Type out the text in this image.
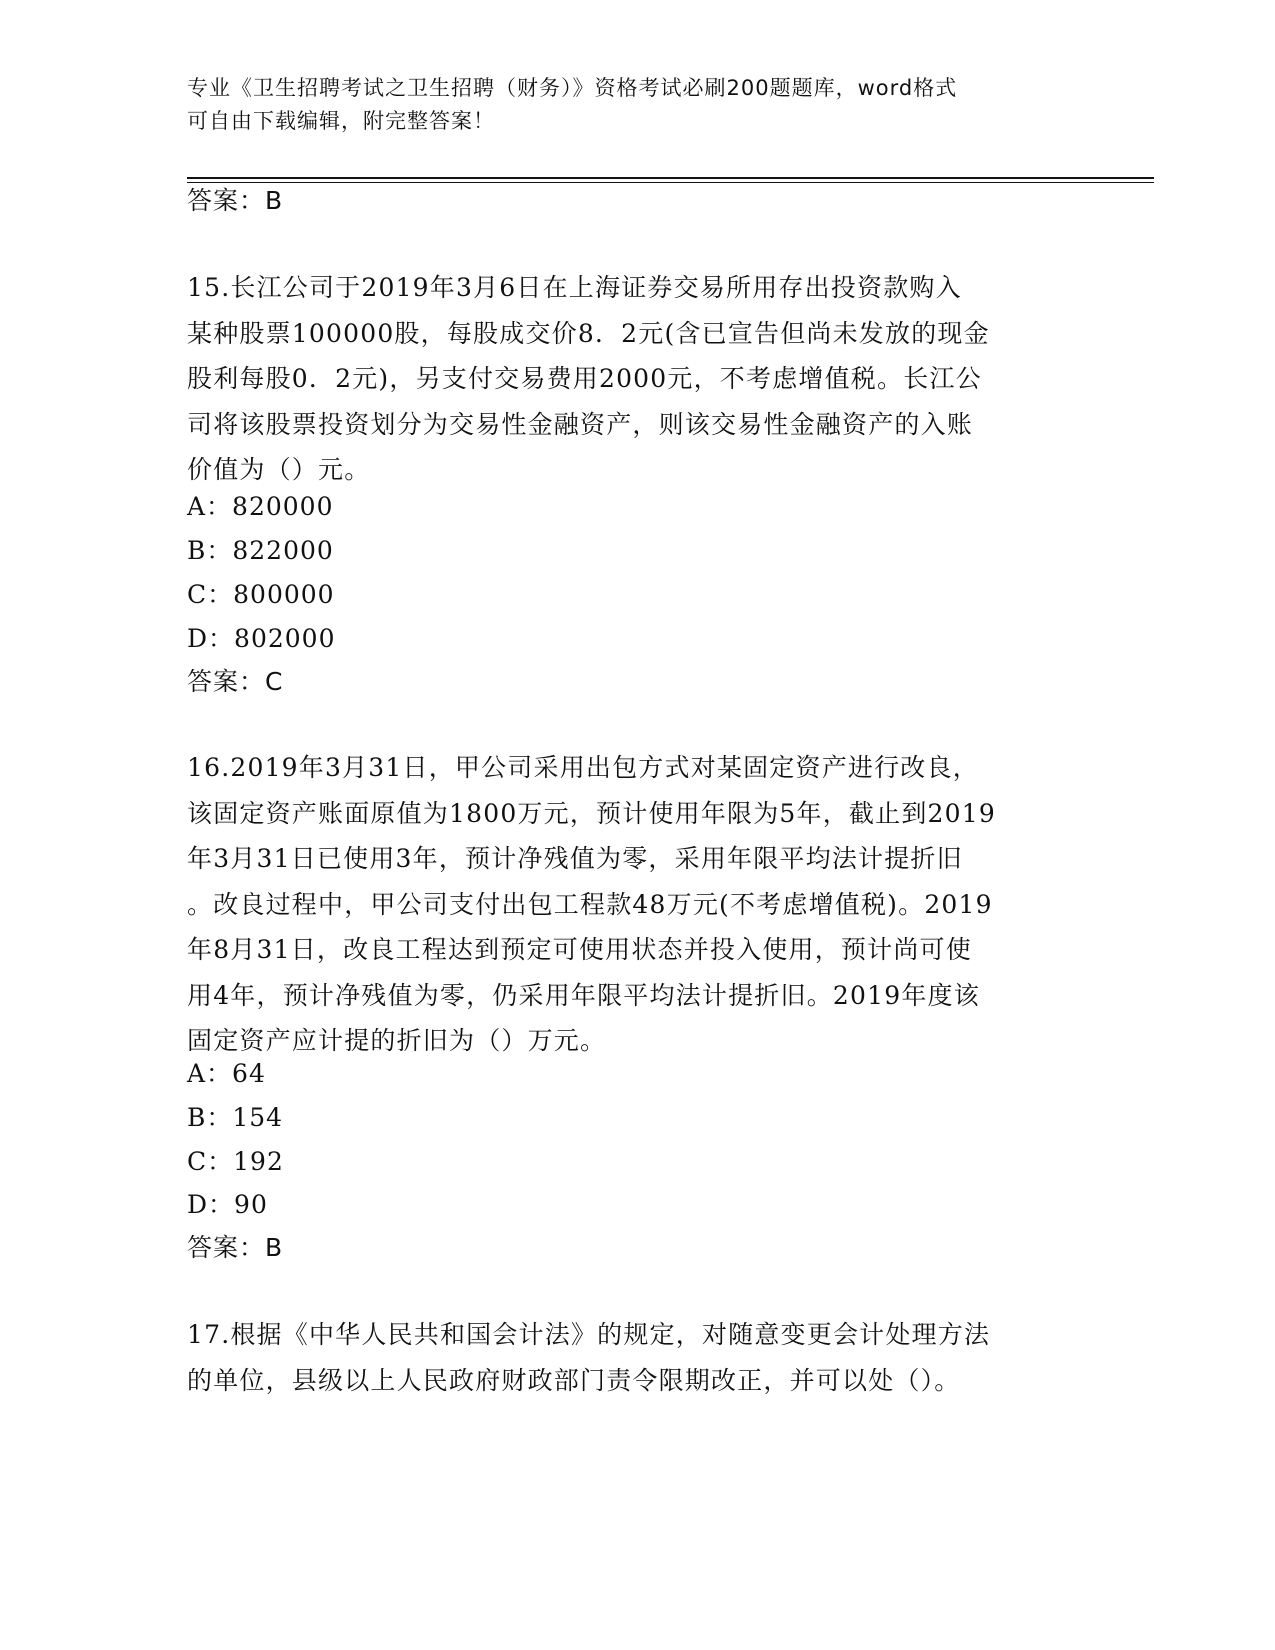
专业《卫生招聘考试之卫生招聘（财务）》资格考试必刷200题题库，word格式
可自由下载编辑，附完整答案！
答案：B
15.长江公司于2019年3月6日在上海证券交易所用存出投资款购入
某种股票100000股，每股成交价8．2元(含已宣告但尚未发放的现金
股利每股0．2元)，另支付交易费用2000元，不考虑增值税。长江公
司将该股票投资划分为交易性金融资产，则该交易性金融资产的入账
价值为（）元。
A：820000
B：822000
C：800000
D：802000
答案：C
16.2019年3月31日，甲公司采用出包方式对某固定资产进行改良，
该固定资产账面原值为1800万元，预计使用年限为5年，截止到2019
年3月31日已使用3年，预计净残值为零，采用年限平均法计提折旧
。改良过程中，甲公司支付出包工程款48万元(不考虑增值税)。2019
年8月31日，改良工程达到预定可使用状态并投入使用，预计尚可使
用4年，预计净残值为零，仍采用年限平均法计提折旧。2019年度该
固定资产应计提的折旧为（）万元。
A：64
B：154
C：192
D：90
答案：B
17.根据《中华人民共和国会计法》的规定，对随意变更会计处理方法
的单位，县级以上人民政府财政部门责令限期改正，并可以处（）。
